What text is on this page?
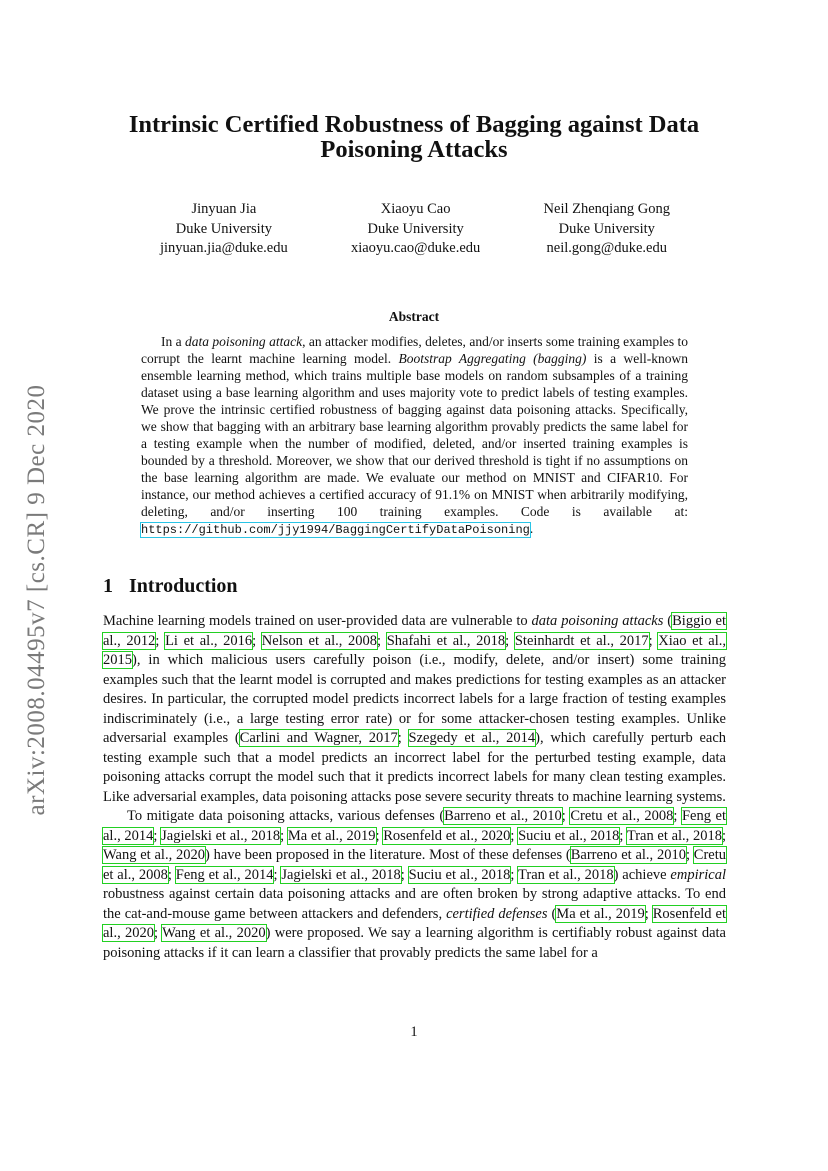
arXiv:2008.04495v7 [cs.CR] 9 Dec 2020
Intrinsic Certified Robustness of Bagging against Data
Poisoning Attacks
Jinyuan Jia
Duke University
jinyuan.jia@duke.edu
Xiaoyu Cao
Duke University
xiaoyu.cao@duke.edu
Neil Zhenqiang Gong
Duke University
neil.gong@duke.edu
Abstract

In a data poisoning attack, an attacker modifies, deletes, and/or inserts some training examples to corrupt the learnt machine learning model. Bootstrap Aggregating (bagging) is a well-known ensemble learning method, which trains multiple base models on random subsamples of a training dataset using a base learning algorithm and uses majority vote to predict labels of testing examples. We prove the intrinsic certified robustness of bagging against data poisoning attacks. Specifically, we show that bagging with an arbitrary base learning algorithm provably predicts the same label for a testing example when the number of modified, deleted, and/or inserted training examples is bounded by a threshold. Moreover, we show that our derived threshold is tight if no assumptions on the base learning algorithm are made. We evaluate our method on MNIST and CIFAR10. For instance, our method achieves a certified accuracy of 91.1% on MNIST when arbitrarily modifying, deleting, and/or inserting 100 training examples. Code is available at: https://github.com/jjy1994/BaggingCertifyDataPoisoning.

1 Introduction

Machine learning models trained on user-provided data are vulnerable to data poisoning attacks (Biggio et al., 2012; Li et al., 2016; Nelson et al., 2008; Shafahi et al., 2018; Steinhardt et al., 2017; Xiao et al., 2015), in which malicious users carefully poison (i.e., modify, delete, and/or insert) some training examples such that the learnt model is corrupted and makes predictions for testing examples as an attacker desires. In particular, the corrupted model predicts incorrect labels for a large fraction of testing examples indiscriminately (i.e., a large testing error rate) or for some attacker-chosen testing examples. Unlike adversarial examples (Carlini and Wagner, 2017; Szegedy et al., 2014), which carefully perturb each testing example such that a model predicts an incorrect label for the perturbed testing example, data poisoning attacks corrupt the model such that it predicts incorrect labels for many clean testing examples. Like adversarial examples, data poisoning attacks pose severe security threats to machine learning systems.

To mitigate data poisoning attacks, various defenses (Barreno et al., 2010; Cretu et al., 2008; Feng et al., 2014; Jagielski et al., 2018; Ma et al., 2019; Rosenfeld et al., 2020; Suciu et al., 2018; Tran et al., 2018; Wang et al., 2020) have been proposed in the literature. Most of these defenses (Barreno et al., 2010; Cretu et al., 2008; Feng et al., 2014; Jagielski et al., 2018; Suciu et al., 2018; Tran et al., 2018) achieve empirical robustness against certain data poisoning attacks and are often broken by strong adaptive attacks. To end the cat-and-mouse game between attackers and defenders, certified defenses (Ma et al., 2019; Rosenfeld et al., 2020; Wang et al., 2020) were proposed. We say a learning algorithm is certifiably robust against data poisoning attacks if it can learn a classifier that provably predicts the same label for a

1
